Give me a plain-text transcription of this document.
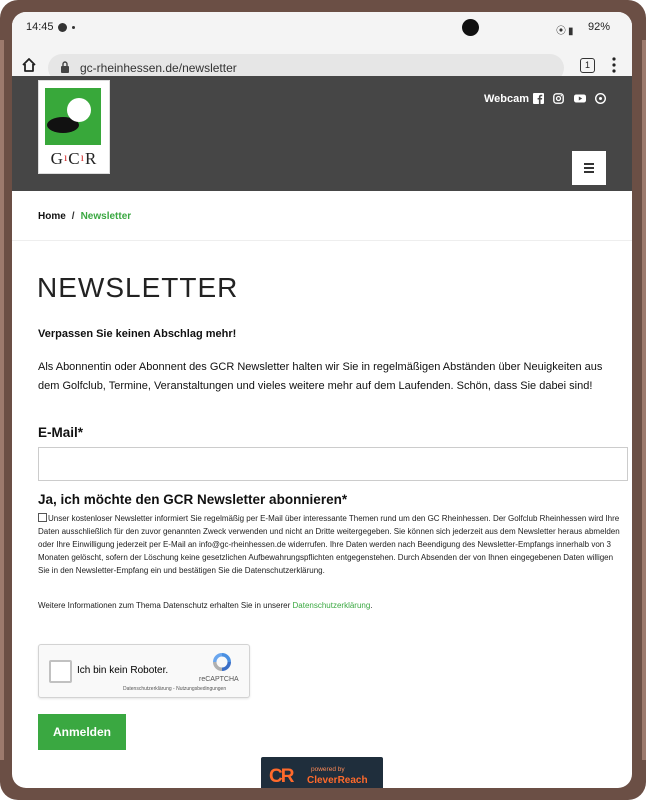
14:45	⦿▮ 92%
gc-rheinhessen.de/newsletter	1
GıCıR
Webcam
Home / Newsletter
NEWSLETTER
Verpassen Sie keinen Abschlag mehr!
Als Abonnentin oder Abonnent des GCR Newsletter halten wir Sie in regelmäßigen Abständen über Neuigkeiten aus dem Golfclub, Termine, Veranstaltungen und vieles weitere mehr auf dem Laufenden. Schön, dass Sie dabei sind!
E-Mail*
Ja, ich möchte den GCR Newsletter abonnieren*
Unser kostenloser Newsletter informiert Sie regelmäßig per E-Mail über interessante Themen rund um den GC Rheinhessen. Der Golfclub Rheinhessen wird Ihre Daten ausschließlich für den zuvor genannten Zweck verwenden und nicht an Dritte weitergegeben. Sie können sich jederzeit aus dem Newsletter heraus abmelden oder Ihre Einwilligung jederzeit per E-Mail an info@gc-rheinhessen.de widerrufen. Ihre Daten werden nach Beendigung des Newsletter-Empfangs innerhalb von 3 Monaten gelöscht, sofern der Löschung keine gesetzlichen Aufbewahrungspflichten entgegenstehen. Durch Absenden der von Ihnen eingegebenen Daten willigen Sie in den Newsletter-Empfang ein und bestätigen Sie die Datenschutzerklärung.
Weitere Informationen zum Thema Datenschutz erhalten Sie in unserer Datenschutzerklärung.
Ich bin kein Roboter.
reCAPTCHA
Datenschutzerklärung - Nutzungsbedingungen
Anmelden
CR	powered by
CleverReach
